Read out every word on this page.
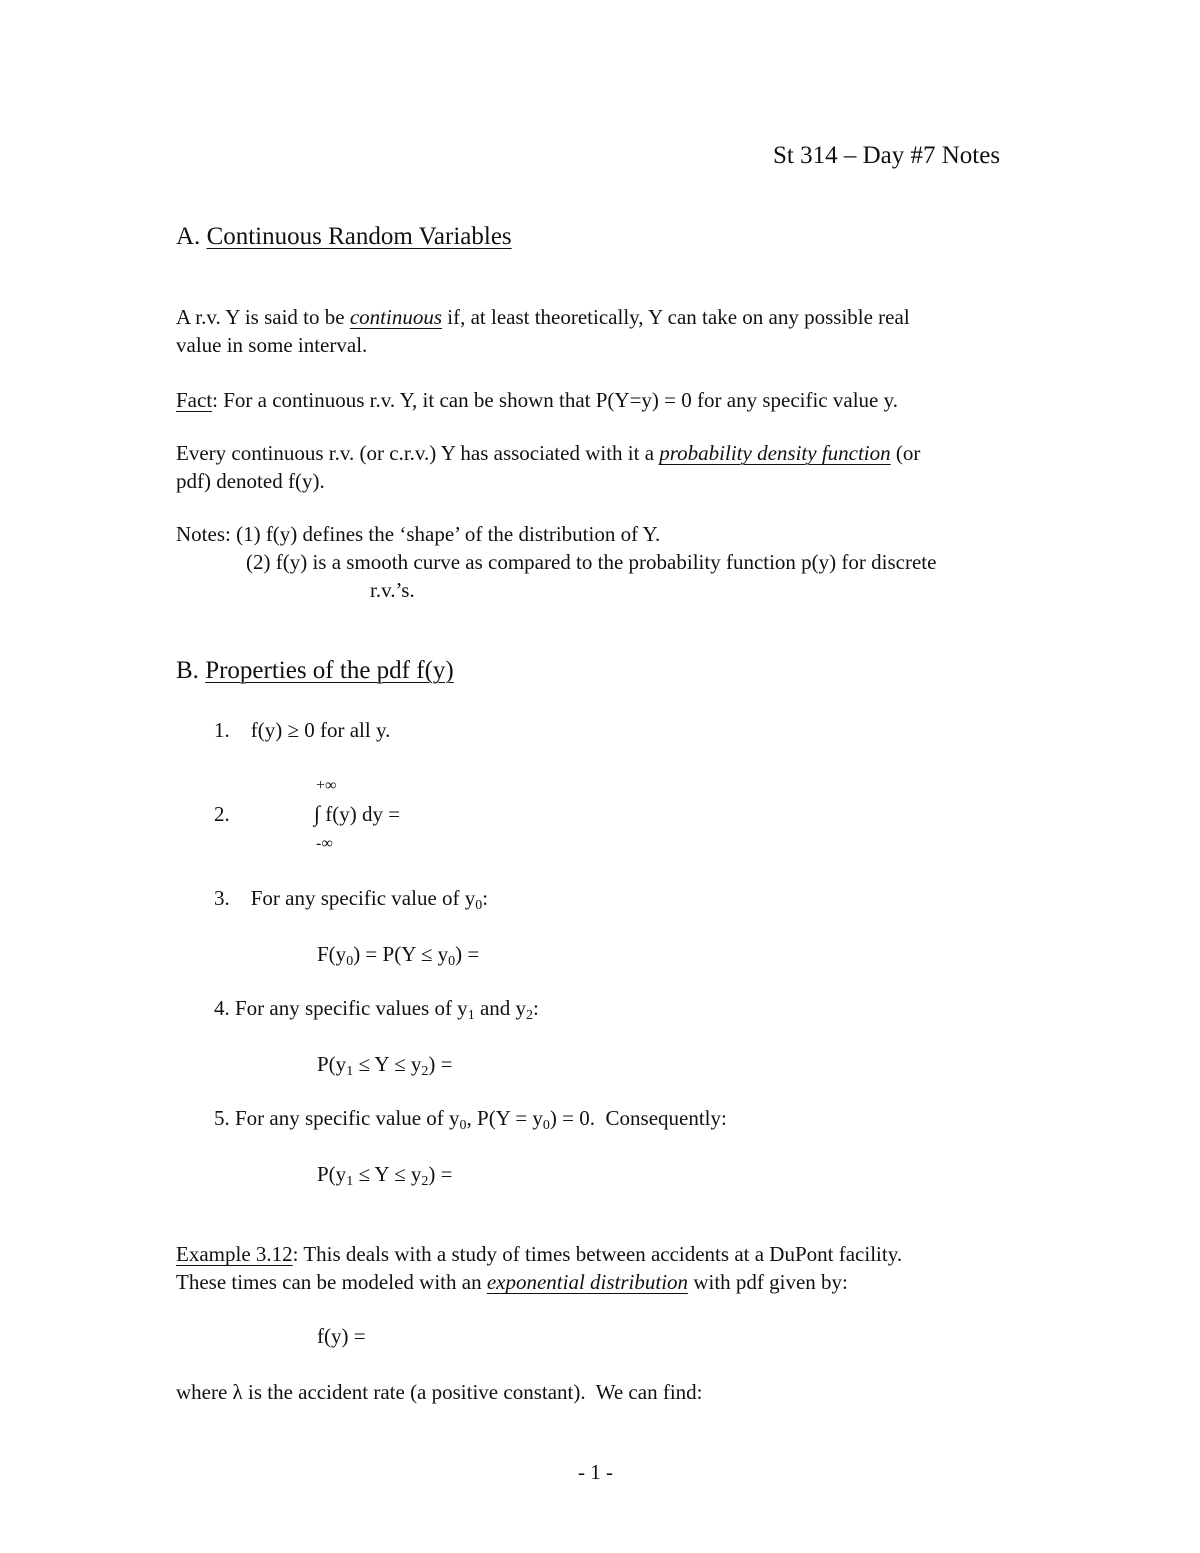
St 314 – Day #7 Notes
A. Continuous Random Variables
A r.v. Y is said to be continuous if, at least theoretically, Y can take on any possible real
value in some interval.
Fact: For a continuous r.v. Y, it can be shown that P(Y=y) = 0 for any specific value y.
Every continuous r.v. (or c.r.v.) Y has associated with it a probability density function (or
pdf) denoted f(y).
Notes: (1) f(y) defines the ‘shape’ of the distribution of Y.
(2) f(y) is a smooth curve as compared to the probability function p(y) for discrete
r.v.’s.
B. Properties of the pdf f(y)
1.    f(y) ≥ 0 for all y.
+∞
2.	∫ f(y) dy =
-∞
3.    For any specific value of $y_0$:
$F(y_0) = P(Y \le y_0)$ =
4. For any specific values of $y_1$ and $y_2$:
$P(y_1 \le Y \le y_2)$ =
5. For any specific value of $y_0$, $P(Y = y_0) = 0$.  Consequently:
$P(y_1 \le Y \le y_2)$ =
Example 3.12: This deals with a study of times between accidents at a DuPont facility.
These times can be modeled with an exponential distribution with pdf given by:
f(y) =
where λ is the accident rate (a positive constant).  We can find:
- 1 -
